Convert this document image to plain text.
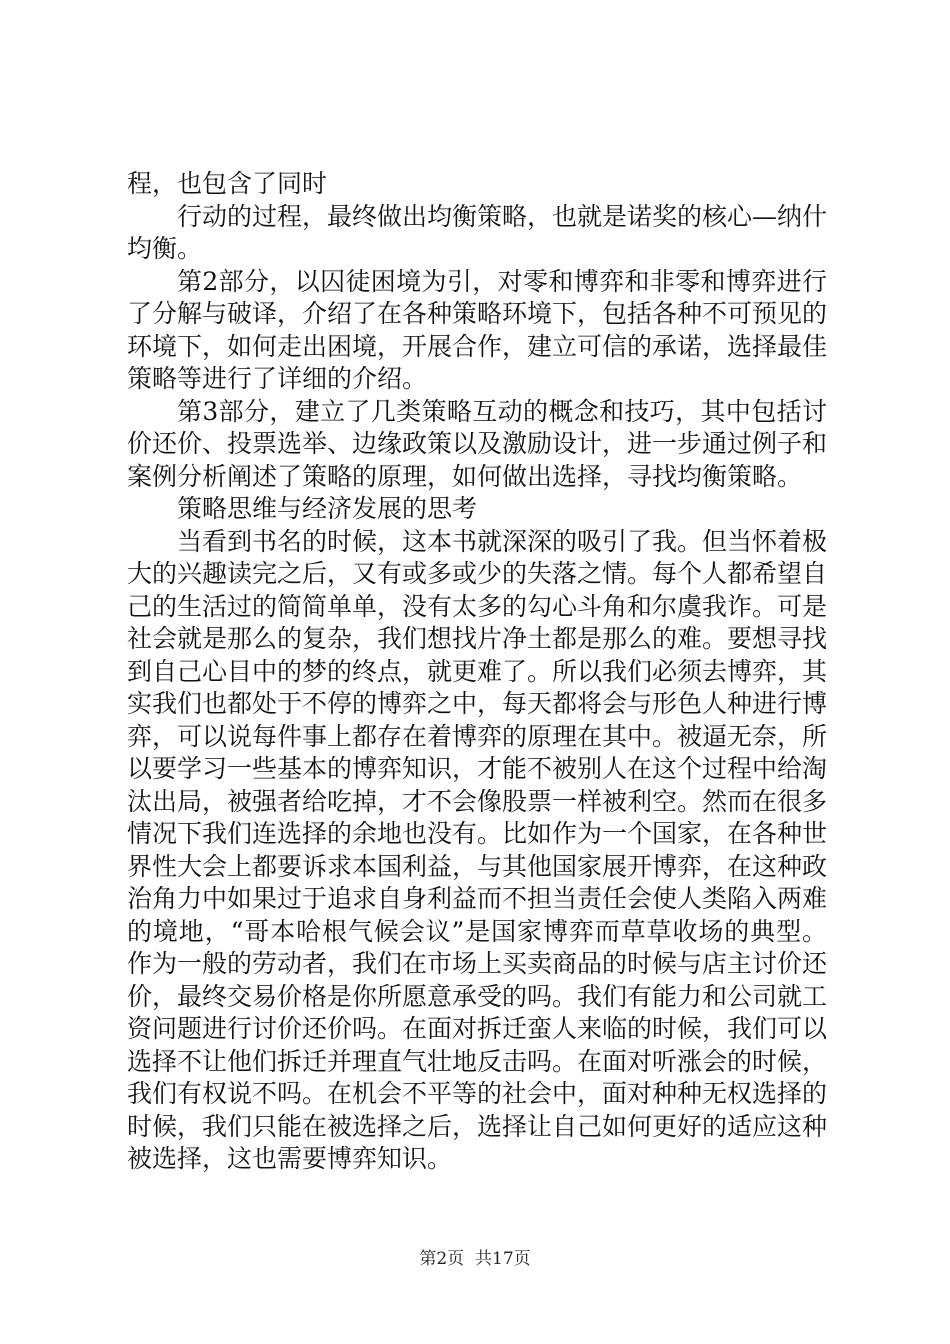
程，也包含了同时

行动的过程，最终做出均衡策略，也就是诺奖的核心—纳什均衡。

第2部分，以囚徒困境为引，对零和博弈和非零和博弈进行了分解与破译，介绍了在各种策略环境下，包括各种不可预见的环境下，如何走出困境，开展合作，建立可信的承诺，选择最佳策略等进行了详细的介绍。

第3部分，建立了几类策略互动的概念和技巧，其中包括讨价还价、投票选举、边缘政策以及激励设计，进一步通过例子和案例分析阐述了策略的原理，如何做出选择，寻找均衡策略。

策略思维与经济发展的思考

当看到书名的时候，这本书就深深的吸引了我。但当怀着极大的兴趣读完之后，又有或多或少的失落之情。每个人都希望自己的生活过的简简单单，没有太多的勾心斗角和尔虞我诈。可是社会就是那么的复杂，我们想找片净土都是那么的难。要想寻找到自己心目中的梦的终点，就更难了。所以我们必须去博弈，其实我们也都处于不停的博弈之中，每天都将会与形色人种进行博弈，可以说每件事上都存在着博弈的原理在其中。被逼无奈，所以要学习一些基本的博弈知识，才能不被别人在这个过程中给淘汰出局，被强者给吃掉，才不会像股票一样被利空。然而在很多情况下我们连选择的余地也没有。比如作为一个国家，在各种世界性大会上都要诉求本国利益，与其他国家展开博弈，在这种政治角力中如果过于追求自身利益而不担当责任会使人类陷入两难的境地，“哥本哈根气候会议”是国家博弈而草草收场的典型。作为一般的劳动者，我们在市场上买卖商品的时候与店主讨价还价，最终交易价格是你所愿意承受的吗。我们有能力和公司就工资问题进行讨价还价吗。在面对拆迁蛮人来临的时候，我们可以选择不让他们拆迁并理直气壮地反击吗。在面对听涨会的时候，我们有权说不吗。在机会不平等的社会中，面对种种无权选择的时候，我们只能在被选择之后，选择让自己如何更好的适应这种被选择，这也需要博弈知识。

第2页 共17页
